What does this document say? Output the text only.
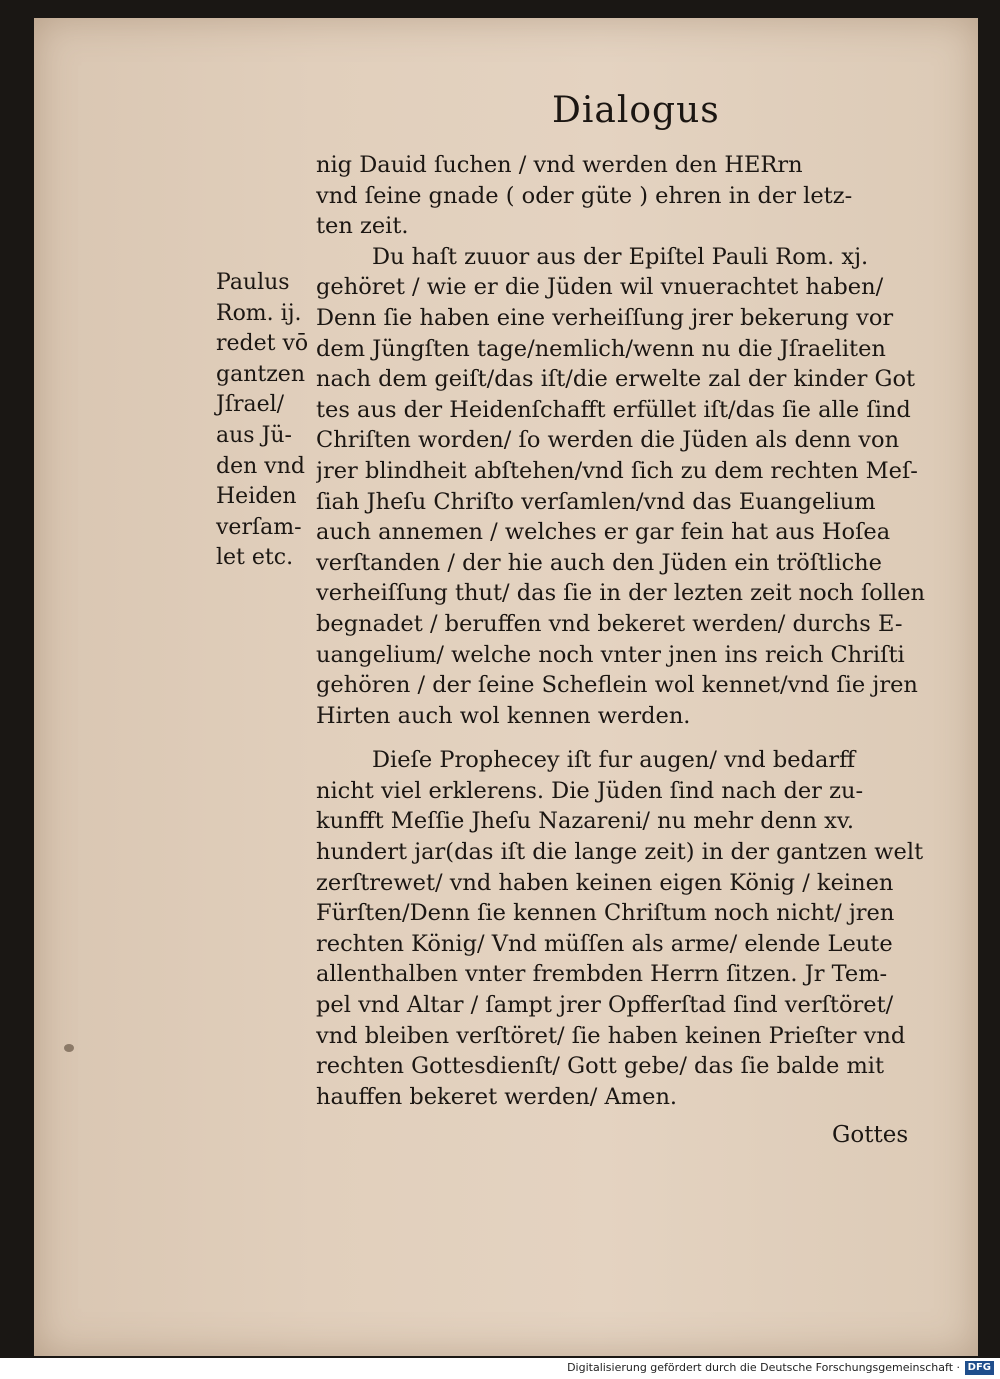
Dialogus
nig Dauid ſuchen / vnd werden den HERrn
vnd ſeine gnade ( oder güte ) ehren in der letz-
ten zeit.
Du haſt zuuor aus der Epiſtel Pauli Rom. xj.
gehöret / wie er die Jüden wil vnuerachtet haben/
Denn ſie haben eine verheiſſung jrer bekerung vor
dem Jüngſten tage/nemlich/wenn nu die Jſraeliten
nach dem geiſt/das iſt/die erwelte zal der kinder Got
tes aus der Heidenſchafft erfüllet iſt/das ſie alle ſind
Chriſten worden/ ſo werden die Jüden als denn von
jrer blindheit abſtehen/vnd ſich zu dem rechten Meſ-
ſiah Jheſu Chriſto verſamlen/vnd das Euangelium
auch annemen / welches er gar fein hat aus Hoſea
verſtanden / der hie auch den Jüden ein tröſtliche
verheiſſung thut/ das ſie in der lezten zeit noch ſollen
begnadet / beruffen vnd bekeret werden/ durchs E-
uangelium/ welche noch vnter jnen ins reich Chriſti
gehören / der ſeine Scheflein wol kennet/vnd ſie jren
Hirten auch wol kennen werden.
Dieſe Prophecey iſt fur augen/ vnd bedarff
nicht viel erklerens. Die Jüden ſind nach der zu-
kunfft Meſſie Jheſu Nazareni/ nu mehr denn xv.
hundert jar(das iſt die lange zeit) in der gantzen welt
zerſtrewet/ vnd haben keinen eigen König / keinen
Fürſten/Denn ſie kennen Chriſtum noch nicht/ jren
rechten König/ Vnd müſſen als arme/ elende Leute
allenthalben vnter frembden Herrn ſitzen. Jr Tem-
pel vnd Altar / ſampt jrer Opfferſtad ſind verſtöret/
vnd bleiben verſtöret/ ſie haben keinen Prieſter vnd
rechten Gottesdienſt/ Gott gebe/ das ſie balde mit
hauffen bekeret werden/ Amen.
Paulus
Rom. ij.
redet vō
gantzen
Jſrael/
aus Jü-
den vnd
Heiden
verſam-
let etc.
Gottes
Digitalisierung gefördert durch die Deutsche Forschungsgemeinschaft · DFG
